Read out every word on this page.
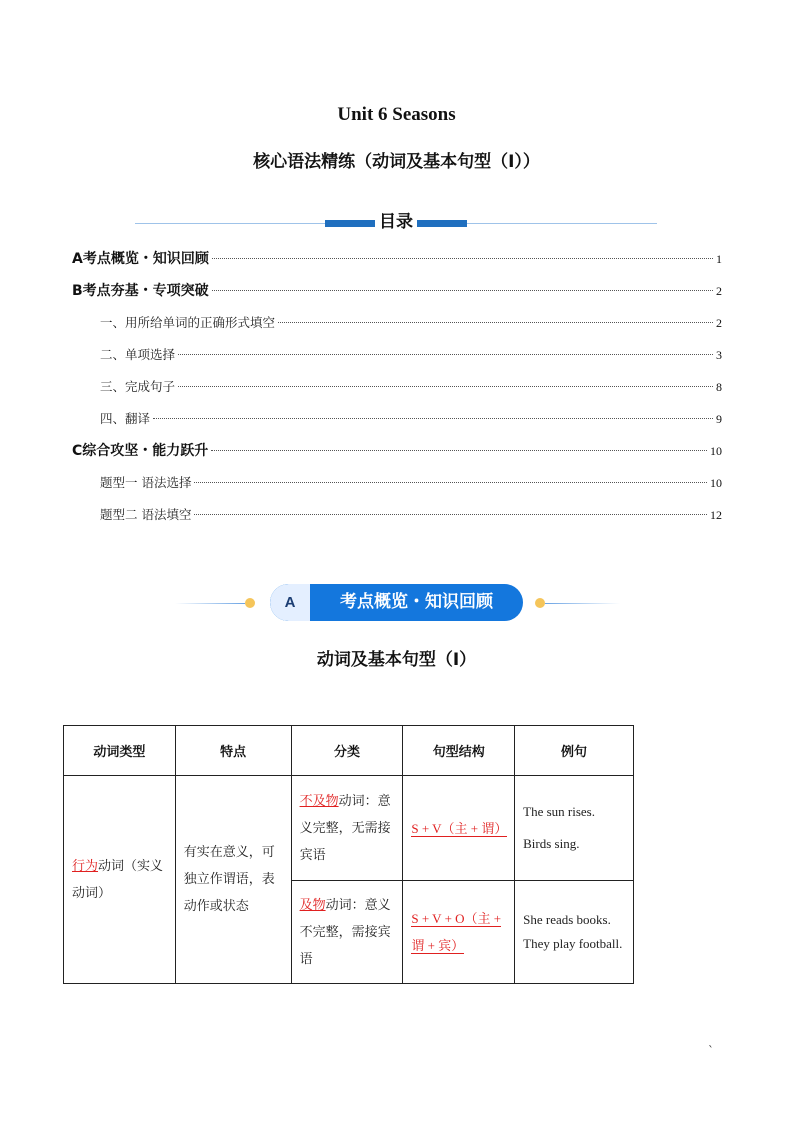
Unit 6 Seasons
核心语法精练（动词及基本句型（I））
目录
A考点概览・知识回顾	1
B考点夯基・专项突破	2
一、用所给单词的正确形式填空	2
二、单项选择	3
三、完成句子	8
四、翻译	9
C综合攻坚・能力跃升	10
题型一 语法选择	10
题型二 语法填空	12
A	考点概览・知识回顾
动词及基本句型（I）
动词类型	特点	分类	句型结构	例句
行为动词（实义动词）	有实在意义，可独立作谓语，表动作或状态	不及物动词：意义完整，无需接宾语	S + V（主 + 谓）	The sun rises.

Birds sing.

		及物动词：意义不完整，需接宾语	S + V + O（主 + 谓 + 宾）	She reads books.

They play football.

`
